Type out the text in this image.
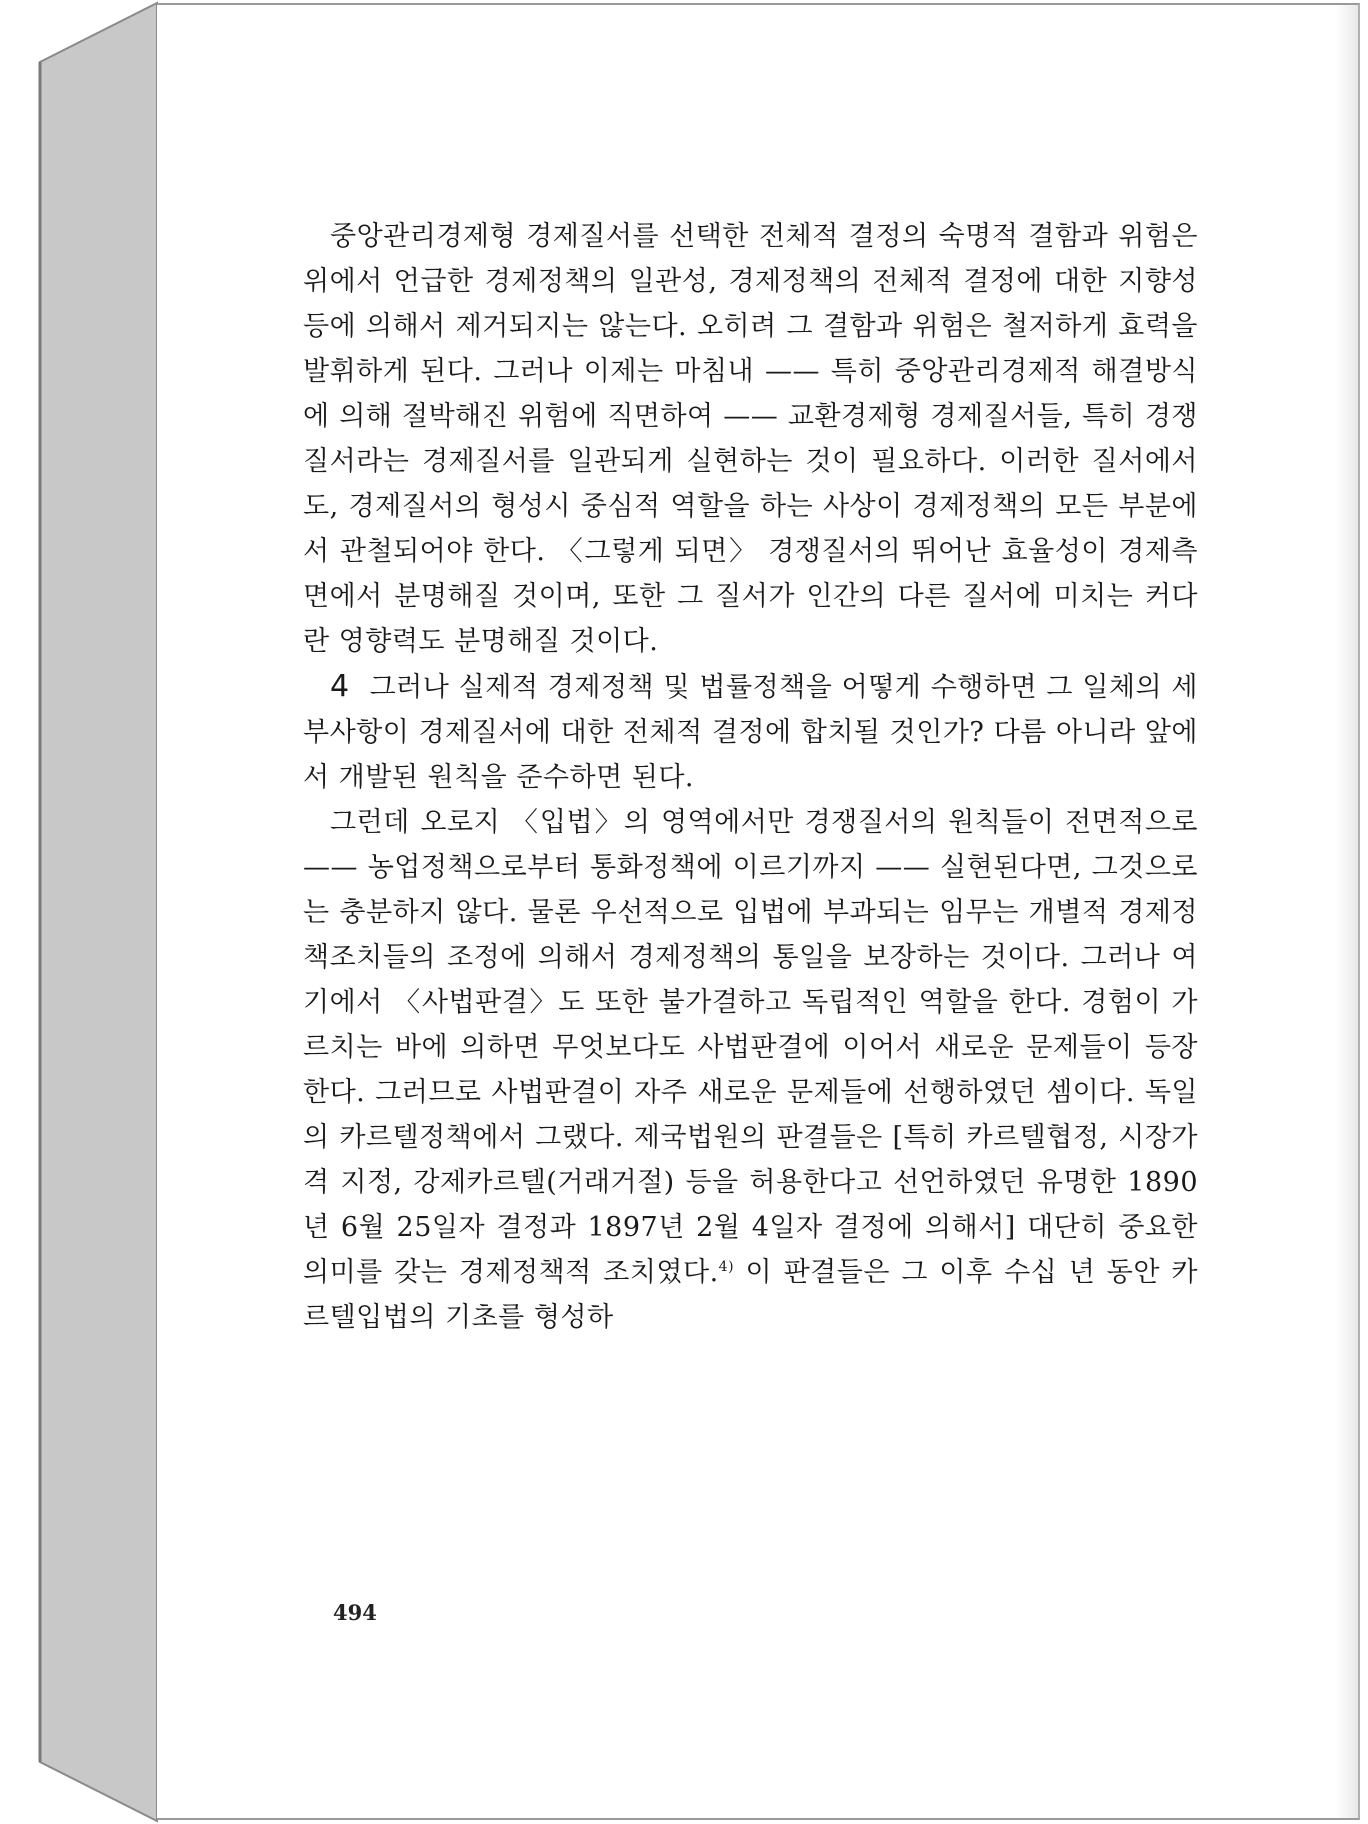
중앙관리경제형 경제질서를 선택한 전체적 결정의 숙명적 결함과 위험은 위에서 언급한 경제정책의 일관성, 경제정책의 전체적 결정에 대한 지향성 등에 의해서 제거되지는 않는다. 오히려 그 결함과 위험은 철저하게 효력을 발휘하게 된다. 그러나 이제는 마침내 —— 특히 중앙관리경제적 해결방식에 의해 절박해진 위험에 직면하여 —— 교환경제형 경제질서들, 특히 경쟁질서라는 경제질서를 일관되게 실현하는 것이 필요하다. 이러한 질서에서도, 경제질서의 형성시 중심적 역할을 하는 사상이 경제정책의 모든 부분에서 관철되어야 한다. 〈그렇게 되면〉 경쟁질서의 뛰어난 효율성이 경제측면에서 분명해질 것이며, 또한 그 질서가 인간의 다른 질서에 미치는 커다란 영향력도 분명해질 것이다.

4 그러나 실제적 경제정책 및 법률정책을 어떻게 수행하면 그 일체의 세부사항이 경제질서에 대한 전체적 결정에 합치될 것인가? 다름 아니라 앞에서 개발된 원칙을 준수하면 된다.

그런데 오로지 〈입법〉의 영역에서만 경쟁질서의 원칙들이 전면적으로 —— 농업정책으로부터 통화정책에 이르기까지 —— 실현된다면, 그것으로는 충분하지 않다. 물론 우선적으로 입법에 부과되는 임무는 개별적 경제정책조치들의 조정에 의해서 경제정책의 통일을 보장하는 것이다. 그러나 여기에서 〈사법판결〉도 또한 불가결하고 독립적인 역할을 한다. 경험이 가르치는 바에 의하면 무엇보다도 사법판결에 이어서 새로운 문제들이 등장한다. 그러므로 사법판결이 자주 새로운 문제들에 선행하였던 셈이다. 독일의 카르텔정책에서 그랬다. 제국법원의 판결들은 [특히 카르텔협정, 시장가격 지정, 강제카르텔(거래거절) 등을 허용한다고 선언하였던 유명한 1890년 6월 25일자 결정과 1897년 2월 4일자 결정에 의해서] 대단히 중요한 의미를 갖는 경제정책적 조치였다.$^{4)}$ 이 판결들은 그 이후 수십 년 동안 카르텔입법의 기초를 형성하

494
